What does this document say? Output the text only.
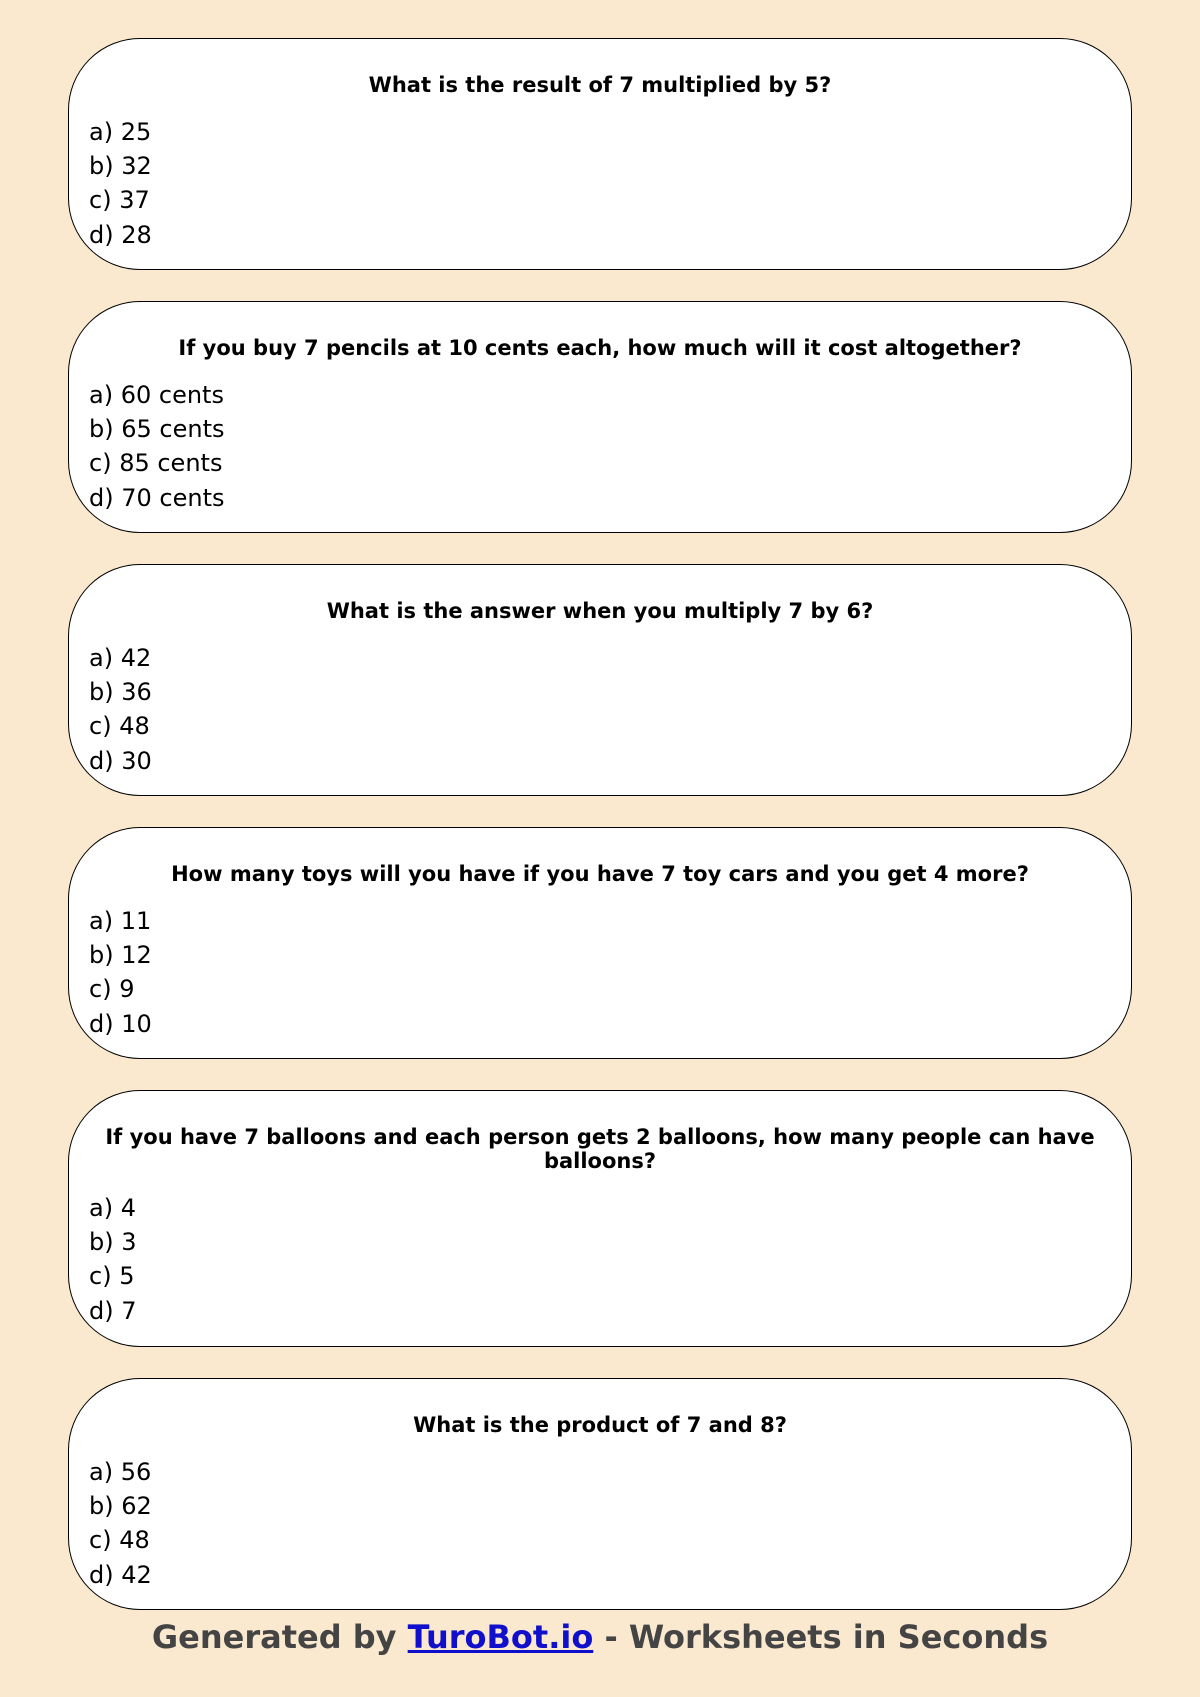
What is the result of 7 multiplied by 5?
a) 25
b) 32
c) 37
d) 28
If you buy 7 pencils at 10 cents each, how much will it cost altogether?
a) 60 cents
b) 65 cents
c) 85 cents
d) 70 cents
What is the answer when you multiply 7 by 6?
a) 42
b) 36
c) 48
d) 30
How many toys will you have if you have 7 toy cars and you get 4 more?
a) 11
b) 12
c) 9
d) 10
If you have 7 balloons and each person gets 2 balloons, how many people can have balloons?
a) 4
b) 3
c) 5
d) 7
What is the product of 7 and 8?
a) 56
b) 62
c) 48
d) 42
Generated by TuroBot.io - Worksheets in Seconds
